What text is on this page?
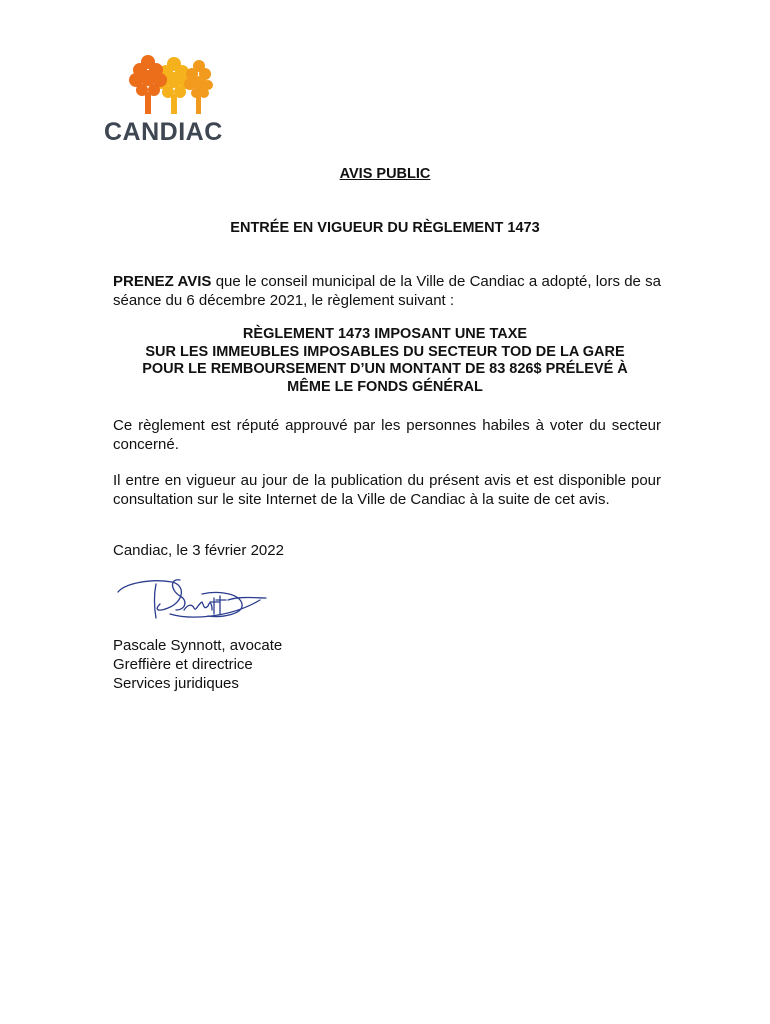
CANDIAC
AVIS PUBLIC
ENTRÉE EN VIGUEUR DU RÈGLEMENT 1473
PRENEZ AVIS que le conseil municipal de la Ville de Candiac a adopté, lors de sa séance du 6 décembre 2021, le règlement suivant :
RÈGLEMENT 1473 IMPOSANT UNE TAXE
SUR LES IMMEUBLES IMPOSABLES DU SECTEUR TOD DE LA GARE
POUR LE REMBOURSEMENT D’UN MONTANT DE 83 826$ PRÉLEVÉ À
MÊME LE FONDS GÉNÉRAL
Ce règlement est réputé approuvé par les personnes habiles à voter du secteur concerné.
Il entre en vigueur au jour de la publication du présent avis et est disponible pour consultation sur le site Internet de la Ville de Candiac à la suite de cet avis.
Candiac, le 3 février 2022
Pascale Synnott, avocate
Greffière et directrice
Services juridiques
